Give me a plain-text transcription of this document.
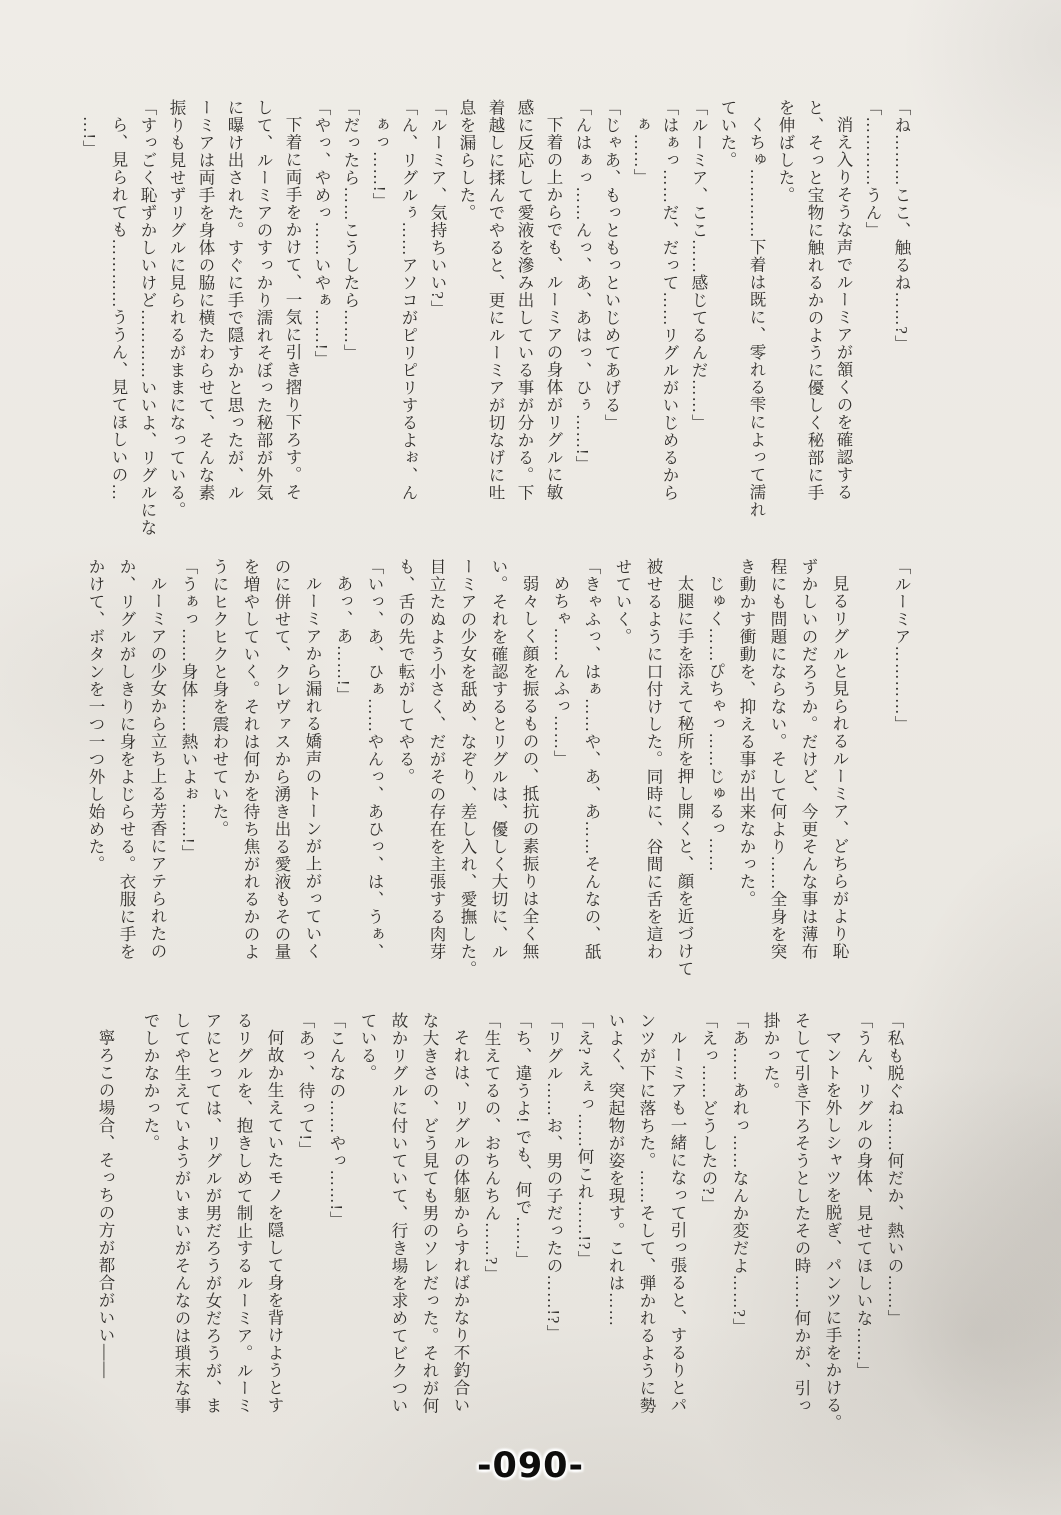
「ね………ここ、触るね……?」
「…………うん」
消え入りそうな声でルーミアが頷くのを確認する
と、そっと宝物に触れるかのように優しく秘部に手
を伸ばした。
くちゅ…………下着は既に、零れる雫によって濡れ
ていた。
「ルーミア、ここ……感じてるんだ……」
「はぁっ……だ、だって……リグルがいじめるから
ぁ……」
「じゃあ、もっともっといじめてあげる」
「んはぁっ……んっ、あ、あはっ、ひぅ……!」
下着の上からでも、ルーミアの身体がリグルに敏
感に反応して愛液を滲み出している事が分かる。下
着越しに揉んでやると、更にルーミアが切なげに吐
息を漏らした。
「ルーミア、気持ちいい?」
「ん、リグルぅ……アソコがピリピリするよぉ、ん
ぁっ……!」
「だったら……こうしたら……」
「やっ、やめっ……いやぁ……!」
下着に両手をかけて、一気に引き摺り下ろす。そ
して、ルーミアのすっかり濡れそぼった秘部が外気
に曝け出された。すぐに手で隠すかと思ったが、ル
ーミアは両手を身体の脇に横たわらせて、そんな素
振りも見せずリグルに見られるがままになっている。
「すっごく恥ずかしいけど…………いいよ、リグルにな
ら、見られても…………ううん、見てほしいの…
…!」
「ルーミア…………」
見るリグルと見られるルーミア、どちらがより恥
ずかしいのだろうか。だけど、今更そんな事は薄布
程にも問題にならない。そして何より……全身を突
き動かす衝動を、抑える事が出来なかった。
じゅく……ぴちゃっ……じゅるっ……
太腿に手を添えて秘所を押し開くと、顔を近づけて
被せるように口付けした。同時に、谷間に舌を這わ
せていく。
「きゃふっ、はぁ……や、あ、あ……そんなの、舐
めちゃ……んふっ……」
弱々しく顔を振るものの、抵抗の素振りは全く無
い。それを確認するとリグルは、優しく大切に、ル
ーミアの少女を舐め、なぞり、差し入れ、愛撫した。
目立たぬよう小さく、だがその存在を主張する肉芽
も、舌の先で転がしてやる。
「いっ、あ、ひぁ……やんっ、あひっ、は、うぁ、
あっ、あ……!」
ルーミアから漏れる嬌声のトーンが上がっていく
のに併せて、クレヴァスから湧き出る愛液もその量
を増やしていく。それは何かを待ち焦がれるかのよ
うにヒクヒクと身を震わせていた。
「うぁっ……身体……熱いよぉ……!」
ルーミアの少女から立ち上る芳香にアテられたの
か、リグルがしきりに身をよじらせる。衣服に手を
かけて、ボタンを一つ一つ外し始めた。
「私も脱ぐね……何だか、熱いの……」
「うん、リグルの身体、見せてほしいな……」
マントを外しシャツを脱ぎ、パンツに手をかける。
そして引き下ろそうとしたその時……何かが、引っ
掛かった。
「あ……あれっ……なんか変だよ……?」
「えっ……どうしたの?」
ルーミアも一緒になって引っ張ると、するりとパ
ンツが下に落ちた。……そして、弾かれるように勢
いよく、突起物が姿を現す。これは……
「え? えぇっ……何これ……!?」
「リグル……お、男の子だったの……!?」
「ち、違うよ! でも、何で……」
「生えてるの、おちんちん……?」
それは、リグルの体躯からすればかなり不釣合い
な大きさの、どう見ても男のソレだった。それが何
故かリグルに付いていて、行き場を求めてビクつい
ている。
「こんなの……やっ……!」
「あっ、待って!」
何故か生えていたモノを隠して身を背けようとす
るリグルを、抱きしめて制止するルーミア。ルーミ
アにとっては、リグルが男だろうが女だろうが、ま
してや生えていようがいまいがそんなのは瑣末な事
でしかなかった。
寧ろこの場合、そっちの方が都合がいい――
-090-
